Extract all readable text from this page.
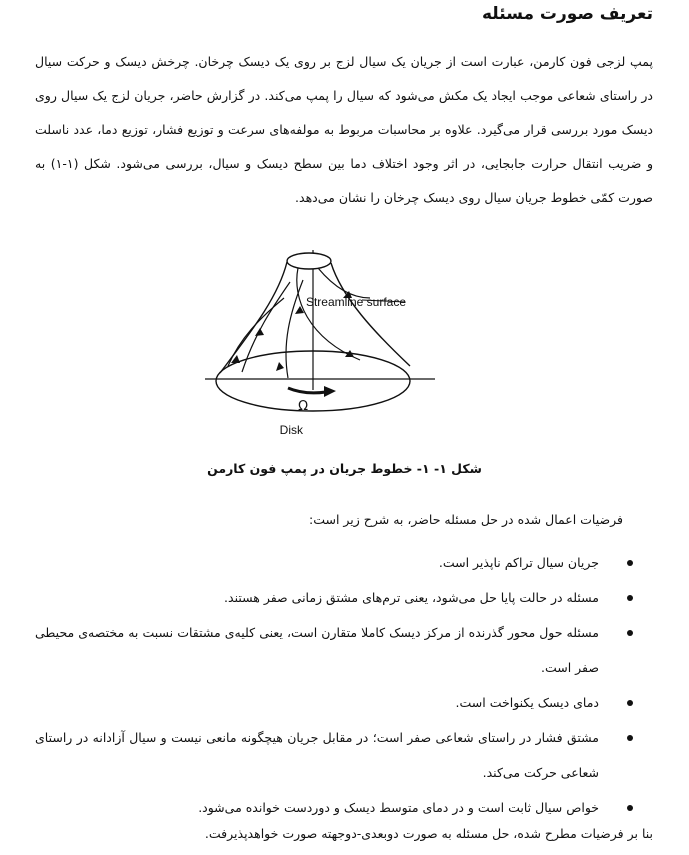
تعریف صورت مسئله

پمپ لزجی فون کارمن، عبارت است از جریان یک سیال لزج بر روی یک دیسک چرخان. چرخش دیسک و حرکت سیال در راستای شعاعی موجب ایجاد یک مکش می‌شود که سیال را پمپ می‌کند. در گزارش حاضر، جریان لزج یک سیال روی دیسک مورد بررسی قرار می‌گیرد. علاوه بر محاسبات مربوط به مولفه‌های سرعت و توزیع فشار، توزیع دما، عدد ناسلت و ضریب انتقال حرارت جابجایی، در اثر وجود اختلاف دما بین سطح دیسک و سیال، بررسی می‌شود. شکل (۱-۱) به صورت کمّی خطوط جریان سیال روی دیسک چرخان را نشان می‌دهد.

Streamline surface
Ω
Disk
شکل ۱- ۱- خطوط جریان در پمپ فون کارمن
فرضیات اعمال شده در حل مسئله حاضر، به شرح زیر است:
جریان سیال تراکم ناپذیر است.
مسئله در حالت پایا حل می‌شود، یعنی ترم‌های مشتق زمانی صفر هستند.
مسئله حول محور گذرنده از مرکز دیسک کاملا متقارن است، یعنی کلیه‌ی مشتقات نسبت به مختصه‌ی محیطی صفر است.
دمای دیسک یکنواخت است.
مشتق فشار در راستای شعاعی صفر است؛ در مقابل جریان هیچگونه مانعی نیست و سیال آزادانه در راستای شعاعی حرکت می‌کند.
خواص سیال ثابت است و در دمای متوسط دیسک و دوردست خوانده می‌شود.
بنا بر فرضیات مطرح شده، حل مسئله به صورت دوبعدی-دوجهته صورت خواهدپذیرفت.
